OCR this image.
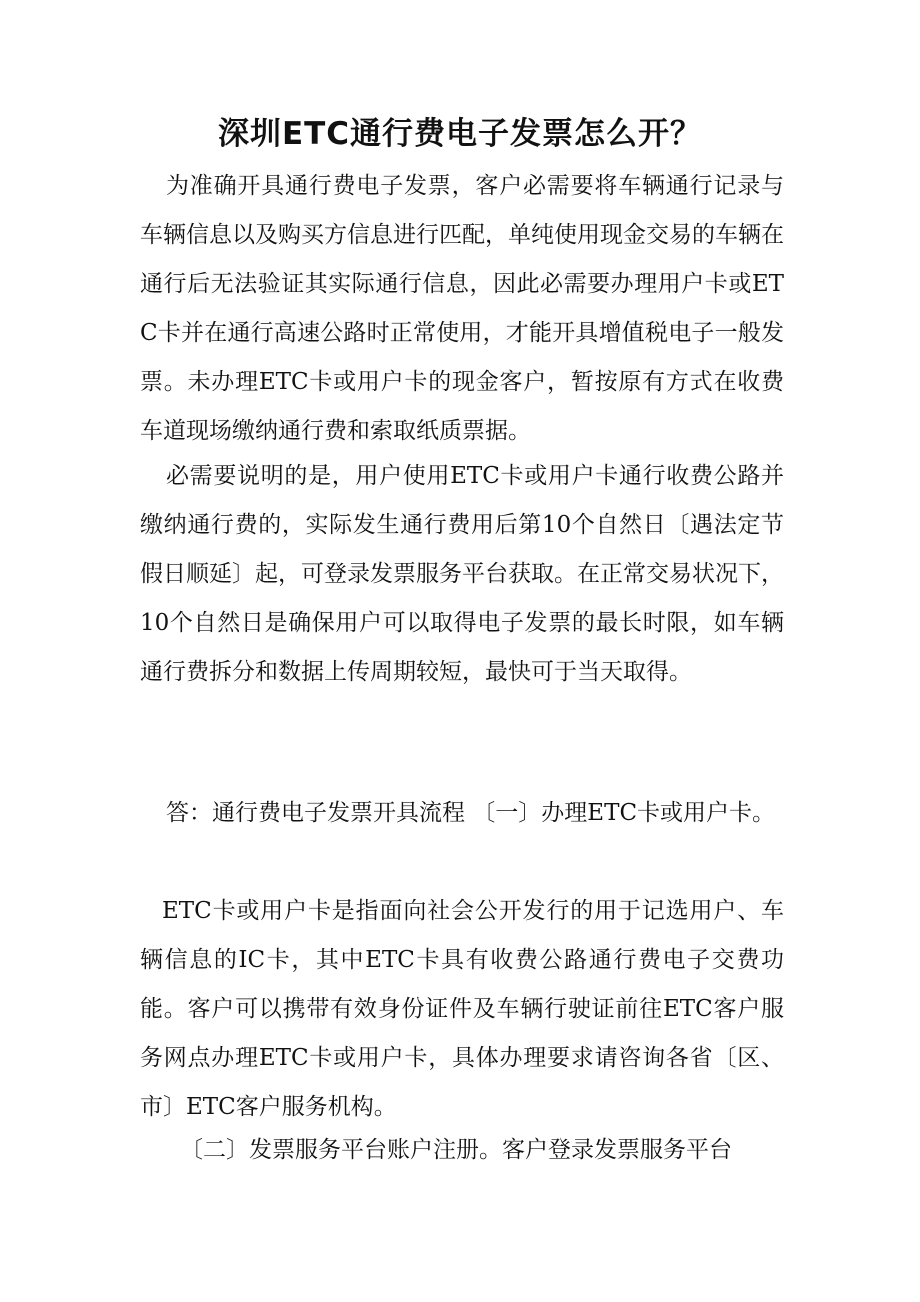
深圳ETC通行费电子发票怎么开？

为准确开具通行费电子发票，客户必需要将车辆通行记录与车辆信息以及购买方信息进行匹配，单纯使用现金交易的车辆在通行后无法验证其实际通行信息，因此必需要办理用户卡或ETC卡并在通行高速公路时正常使用，才能开具增值税电子一般发票。未办理ETC卡或用户卡的现金客户，暂按原有方式在收费车道现场缴纳通行费和索取纸质票据。

必需要说明的是，用户使用ETC卡或用户卡通行收费公路并缴纳通行费的，实际发生通行费用后第10个自然日〔遇法定节假日顺延〕起，可登录发票服务平台获取。在正常交易状况下，10个自然日是确保用户可以取得电子发票的最长时限，如车辆通行费拆分和数据上传周期较短，最快可于当天取得。

答：通行费电子发票开具流程 〔一〕办理ETC卡或用户卡。

ETC卡或用户卡是指面向社会公开发行的用于记选用户、车辆信息的IC卡，其中ETC卡具有收费公路通行费电子交费功能。客户可以携带有效身份证件及车辆行驶证前往ETC客户服务网点办理ETC卡或用户卡，具体办理要求请咨询各省〔区、市〕ETC客户服务机构。

〔二〕发票服务平台账户注册。客户登录发票服务平台
